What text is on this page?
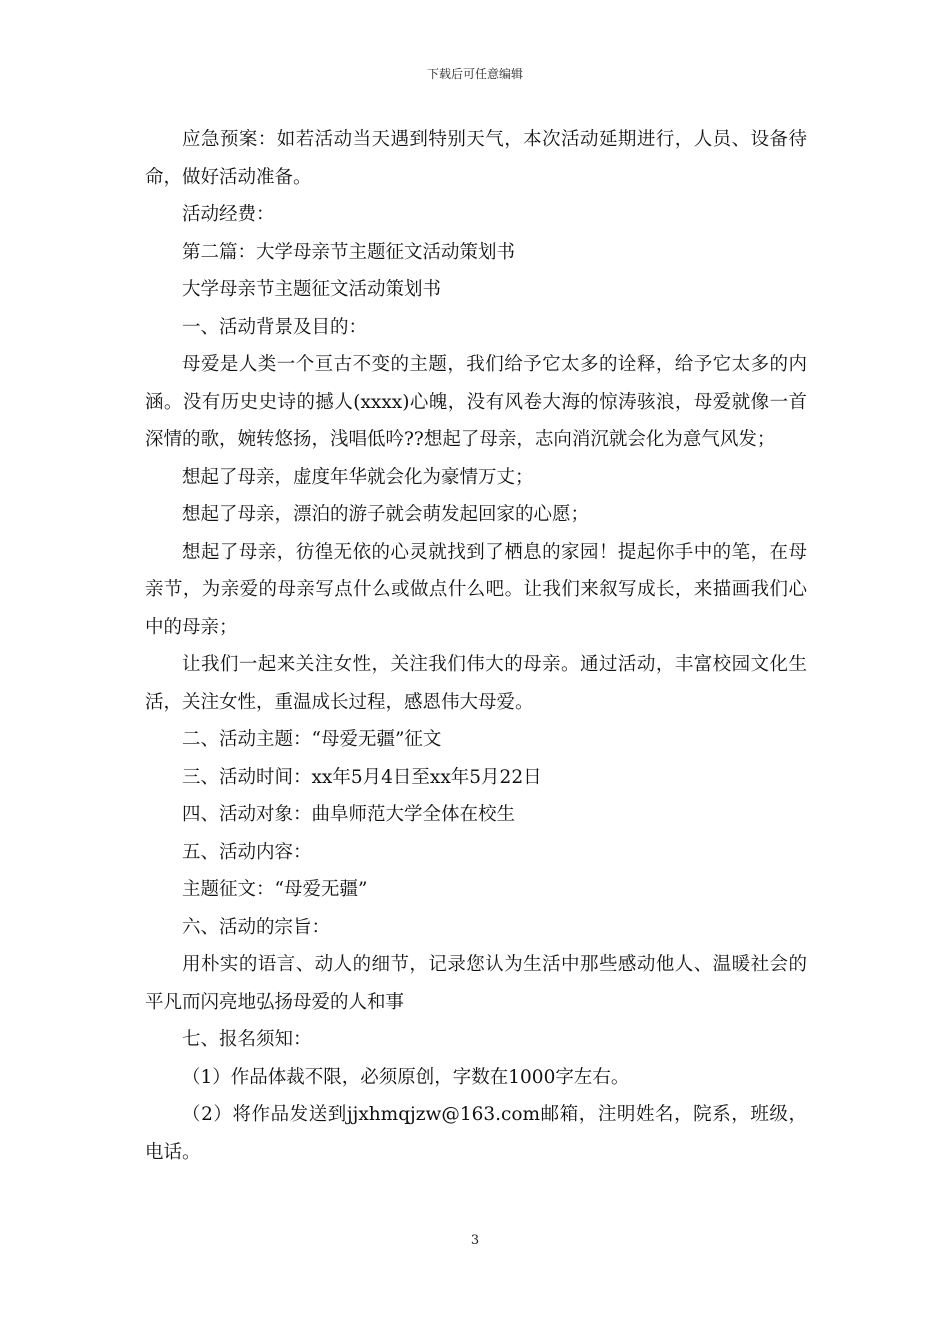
下载后可任意编辑

应急预案：如若活动当天遇到特别天气，本次活动延期进行，人员、设备待命，做好活动准备。

活动经费：

第二篇：大学母亲节主题征文活动策划书

大学母亲节主题征文活动策划书

一、活动背景及目的：

母爱是人类一个亘古不变的主题，我们给予它太多的诠释，给予它太多的内涵。没有历史史诗的撼人(xxxx)心魄，没有风卷大海的惊涛骇浪，母爱就像一首深情的歌，婉转悠扬，浅唱低吟??想起了母亲，志向消沉就会化为意气风发；

想起了母亲，虚度年华就会化为豪情万丈；

想起了母亲，漂泊的游子就会萌发起回家的心愿；

想起了母亲，彷徨无依的心灵就找到了栖息的家园！提起你手中的笔，在母亲节，为亲爱的母亲写点什么或做点什么吧。让我们来叙写成长，来描画我们心中的母亲；

让我们一起来关注女性，关注我们伟大的母亲。通过活动，丰富校园文化生活，关注女性，重温成长过程，感恩伟大母爱。

二、活动主题：“母爱无疆”征文

三、活动时间：xx年5月4日至xx年5月22日

四、活动对象：曲阜师范大学全体在校生

五、活动内容：

主题征文：“母爱无疆”

六、活动的宗旨：

用朴实的语言、动人的细节，记录您认为生活中那些感动他人、温暖社会的平凡而闪亮地弘扬母爱的人和事

七、报名须知：

（1）作品体裁不限，必须原创，字数在1000字左右。

（2）将作品发送到jjxhmqjzw@163.com邮箱，注明姓名，院系，班级，电话。

3
